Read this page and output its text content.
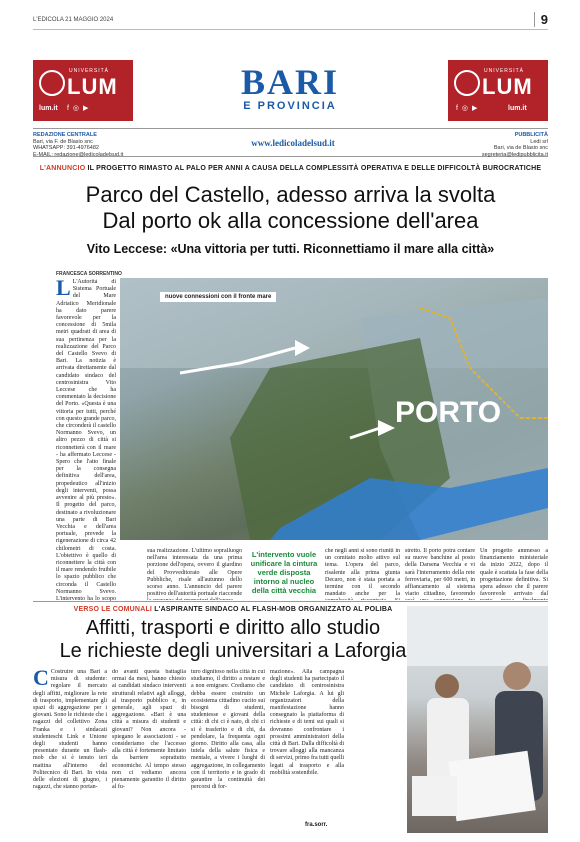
L'EDICOLA 21 MAGGIO 2024	9
UNIVERSITÀ
LUM
lum.it f ◎ ▶
UNIVERSITÀ
LUM
lum.it
f ◎ ▶
BARI
E PROVINCIA
REDAZIONE CENTRALE
Bari, via F. de Blasio snc
WHATSAPP: 391-4976482
E-MAIL: redazione@ledicoladelsud.it
www.ledicoladelsud.it
PUBBLICITÀ
Ledi srl
Bari, via de Blasio snc
segreteria@ledipubblicita.it
L'ANNUNCIO IL PROGETTO RIMASTO AL PALO PER ANNI A CAUSA DELLA COMPLESSITÀ OPERATIVA E DELLE DIFFICOLTÀ BUROCRATICHE
Parco del Castello, adesso arriva la svolta
Dal porto ok alla concessione dell'area
Vito Leccese: «Una vittoria per tutti. Riconnettiamo il mare alla città»
FRANCESCA SORRENTINO
nuove connessioni con il fronte mare
PORTO
L L'Autorità di Sistema Portuale del Mare Adriatico Meridionale ha dato parere favorevole per la concessione di 5mila metri quadrati di area di sua pertinenza per la realizzazione del Parco del Castello Svevo di Bari. La notizia è arrivata direttamente dal candidato sindaco del centrosinistra Vito Leccese che ha commentato la decisione del Porto. «Questa è una vittoria per tutti, perché con questo grande parco, che circonderà il castello Normanno Svevo, un altro pezzo di città si riconnetterà con il mare - ha affermato Leccese - Spero che l'atto finale per la consegna definitiva dell'area, propedeutico all'inizio degli interventi, possa avvenire al più presto». Il progetto del parco, destinato a rivoluzionare una parte di Bari Vecchia e dell'area portuale, prevede la rigenerazione di circa 42 chilometri di costa. L'obiettivo è quello di riconnettere la città con il mare rendendo fruibile lo spazio pubblico che circonda il Castello Normanno Svevo. L'intervento ha lo scopo
sua realizzazione. L'ultimo sopralluogo nell'area interessata da una prima porzione dell'opera, ovvero il giardino del Provveditorato alle Opere Pubbliche, risale all'autunno dello scorso anno. L'annuncio del parere positivo dell'autorità portuale riaccende
L'intervento vuole unificare la cintura verde disposta intorno al nucleo della città vecchia
che negli anni si sono riuniti in un comitato molto attivo sul tema. L'opera del parco, risalente alla prima giunta Decaro, non è stata portata a termine con il secondo mandato anche per la
stretto. Il porto potrà contare su nuove banchine al posto della Darsena Vecchia e vi sarà l'interramento della rete ferroviaria, per 600 metri, in affiancamento al sistema viario cittadino, favorendo
Un progetto ammesso a finanziamento ministeriale da inizio 2022, dopo il quale è scattata la fase della progettazione definitiva. Si spera adesso che il parere favorevole arrivato dal
VERSO LE COMUNALI L'ASPIRANTE SINDACO AL FLASH-MOB ORGANIZZATO AL POLIBA
Affitti, trasporti e diritto allo studio
Le richieste degli universitari a Laforgia
C Costruire una Bari a misura di studente: regolare il mercato degli affitti, migliorare la rete di trasporto, implementare gli spazi di aggregazione per i giovani. Sono le richieste che i ragazzi del collettivo Zona Franka e i sindacati studenteschi Link e Unione degli studenti hanno presentato durante un flash-mob che si è tenuto ieri mattina all'interno del Politecnico di Bari. In vista delle elezioni di giugno, i ragazzi, che stanno portan-
do avanti questa battaglia ormai da mesi, hanno chiesto ai candidati sindaco interventi strutturali relativi agli alloggi, al trasporto pubblico e, in generale, agli spazi di aggregazione. «Bari è una città a misura di studenti e giovani? Non ancora - spiegano le associazioni - se consideriamo che l'accesso alla città è fortemente limitato da barriere soprattutto economiche. Al tempo stesso non ci vediamo ancora pienamente garantito il diritto al fu-
turo dignitoso nella città in cui studiamo, il diritto a restare e a non emigrare. Crediamo che debba essere costruito un ecosistema cittadino cucito sui bisogni di studenti, studentesse e giovani della città: di chi ci è nato, di chi ci si è trasferito e di chi, da pendolare, la frequenta ogni giorno. Diritto alla casa, alla tutela della salute fisica e mentale, a vivere i luoghi di aggregazione, in collegamento con il territorio e in grado di garantire la continuità dei percorsi di for-
mazione». Alla campagna degli studenti ha partecipato il candidato di centrosinistra Michele Laforgia. A lui gli organizzatori della manifestazione hanno consegnato la piattaforma di richieste e di temi sui quali si dovranno confrontare i prossimi amministratori della città di Bari. Dalla difficoltà di trovare alloggi alla mancanza di servizi, primo fra tutti quelli legati al trasporto e alla mobilità sostenibile.
fra.sorr.
